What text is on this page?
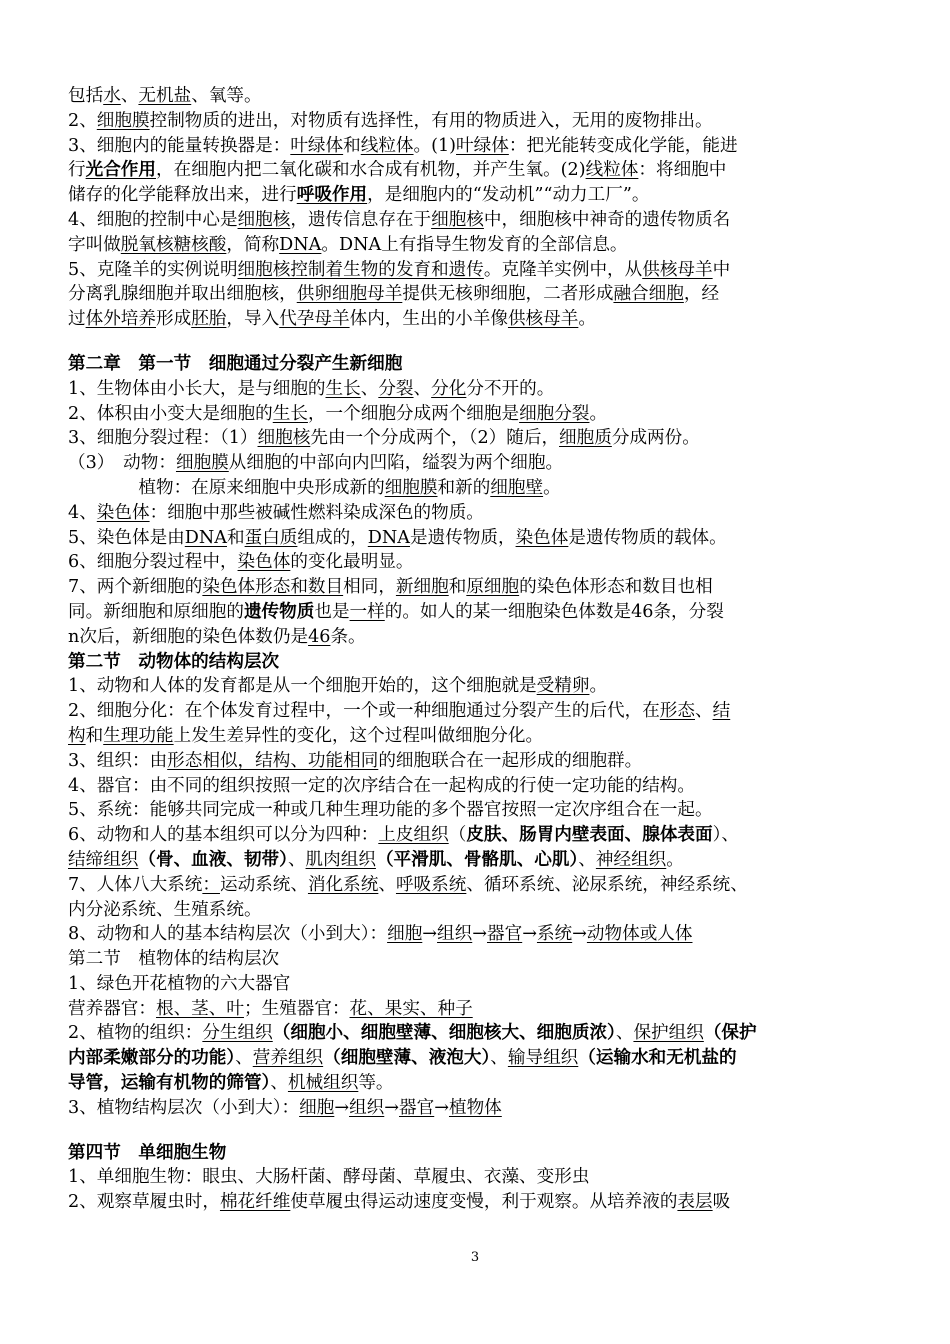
包括水、无机盐、氧等。
2、细胞膜控制物质的进出，对物质有选择性，有用的物质进入，无用的废物排出。
3、细胞内的能量转换器是：叶绿体和线粒体。(1)叶绿体：把光能转变成化学能，能进
行光合作用，在细胞内把二氧化碳和水合成有机物，并产生氧。(2)线粒体：将细胞中
储存的化学能释放出来，进行呼吸作用，是细胞内的“发动机”“动力工厂”。
4、细胞的控制中心是细胞核，遗传信息存在于细胞核中，细胞核中神奇的遗传物质名
字叫做脱氧核糖核酸，简称DNA。DNA上有指导生物发育的全部信息。
5、克隆羊的实例说明细胞核控制着生物的发育和遗传。克隆羊实例中，从供核母羊中
分离乳腺细胞并取出细胞核，供卵细胞母羊提供无核卵细胞，二者形成融合细胞，经
过体外培养形成胚胎，导入代孕母羊体内，生出的小羊像供核母羊。
第二章　第一节　细胞通过分裂产生新细胞
1、生物体由小长大，是与细胞的生长、分裂、分化分不开的。
2、体积由小变大是细胞的生长，一个细胞分成两个细胞是细胞分裂。
3、细胞分裂过程：（1）细胞核先由一个分成两个，（2）随后，细胞质分成两份。
（3）　动物：细胞膜从细胞的中部向内凹陷，缢裂为两个细胞。
　　　　植物：在原来细胞中央形成新的细胞膜和新的细胞壁。
4、染色体：细胞中那些被碱性燃料染成深色的物质。
5、染色体是由DNA和蛋白质组成的，DNA是遗传物质，染色体是遗传物质的载体。
6、细胞分裂过程中，染色体的变化最明显。
7、两个新细胞的染色体形态和数目相同，新细胞和原细胞的染色体形态和数目也相
同。新细胞和原细胞的遗传物质也是一样的。如人的某一细胞染色体数是46条，分裂
n次后，新细胞的染色体数仍是46条。
第二节　动物体的结构层次
1、动物和人体的发育都是从一个细胞开始的，这个细胞就是受精卵。
2、细胞分化：在个体发育过程中，一个或一种细胞通过分裂产生的后代，在形态、结
构和生理功能上发生差异性的变化，这个过程叫做细胞分化。
3、组织：由形态相似，结构、功能相同的细胞联合在一起形成的细胞群。
4、器官：由不同的组织按照一定的次序结合在一起构成的行使一定功能的结构。
5、系统：能够共同完成一种或几种生理功能的多个器官按照一定次序组合在一起。
6、动物和人的基本组织可以分为四种：上皮组织（皮肤、肠胃内壁表面、腺体表面）、
结缔组织（骨、血液、韧带）、肌肉组织（平滑肌、骨骼肌、心肌）、神经组织。
7、人体八大系统：运动系统、消化系统、呼吸系统、循环系统、泌尿系统，神经系统、
内分泌系统、生殖系统。
8、动物和人的基本结构层次（小到大）：细胞→组织→器官→系统→动物体或人体
第二节　植物体的结构层次
1、绿色开花植物的六大器官
营养器官：根、茎、叶；生殖器官：花、果实、种子
2、植物的组织：分生组织（细胞小、细胞壁薄、细胞核大、细胞质浓）、保护组织（保护
内部柔嫩部分的功能）、营养组织（细胞壁薄、液泡大）、输导组织（运输水和无机盐的
导管，运输有机物的筛管）、机械组织等。
3、植物结构层次（小到大）：细胞→组织→器官→植物体
第四节　单细胞生物
1、单细胞生物：眼虫、大肠杆菌、酵母菌、草履虫、衣藻、变形虫
2、观察草履虫时，棉花纤维使草履虫得运动速度变慢，利于观察。从培养液的表层吸
3
